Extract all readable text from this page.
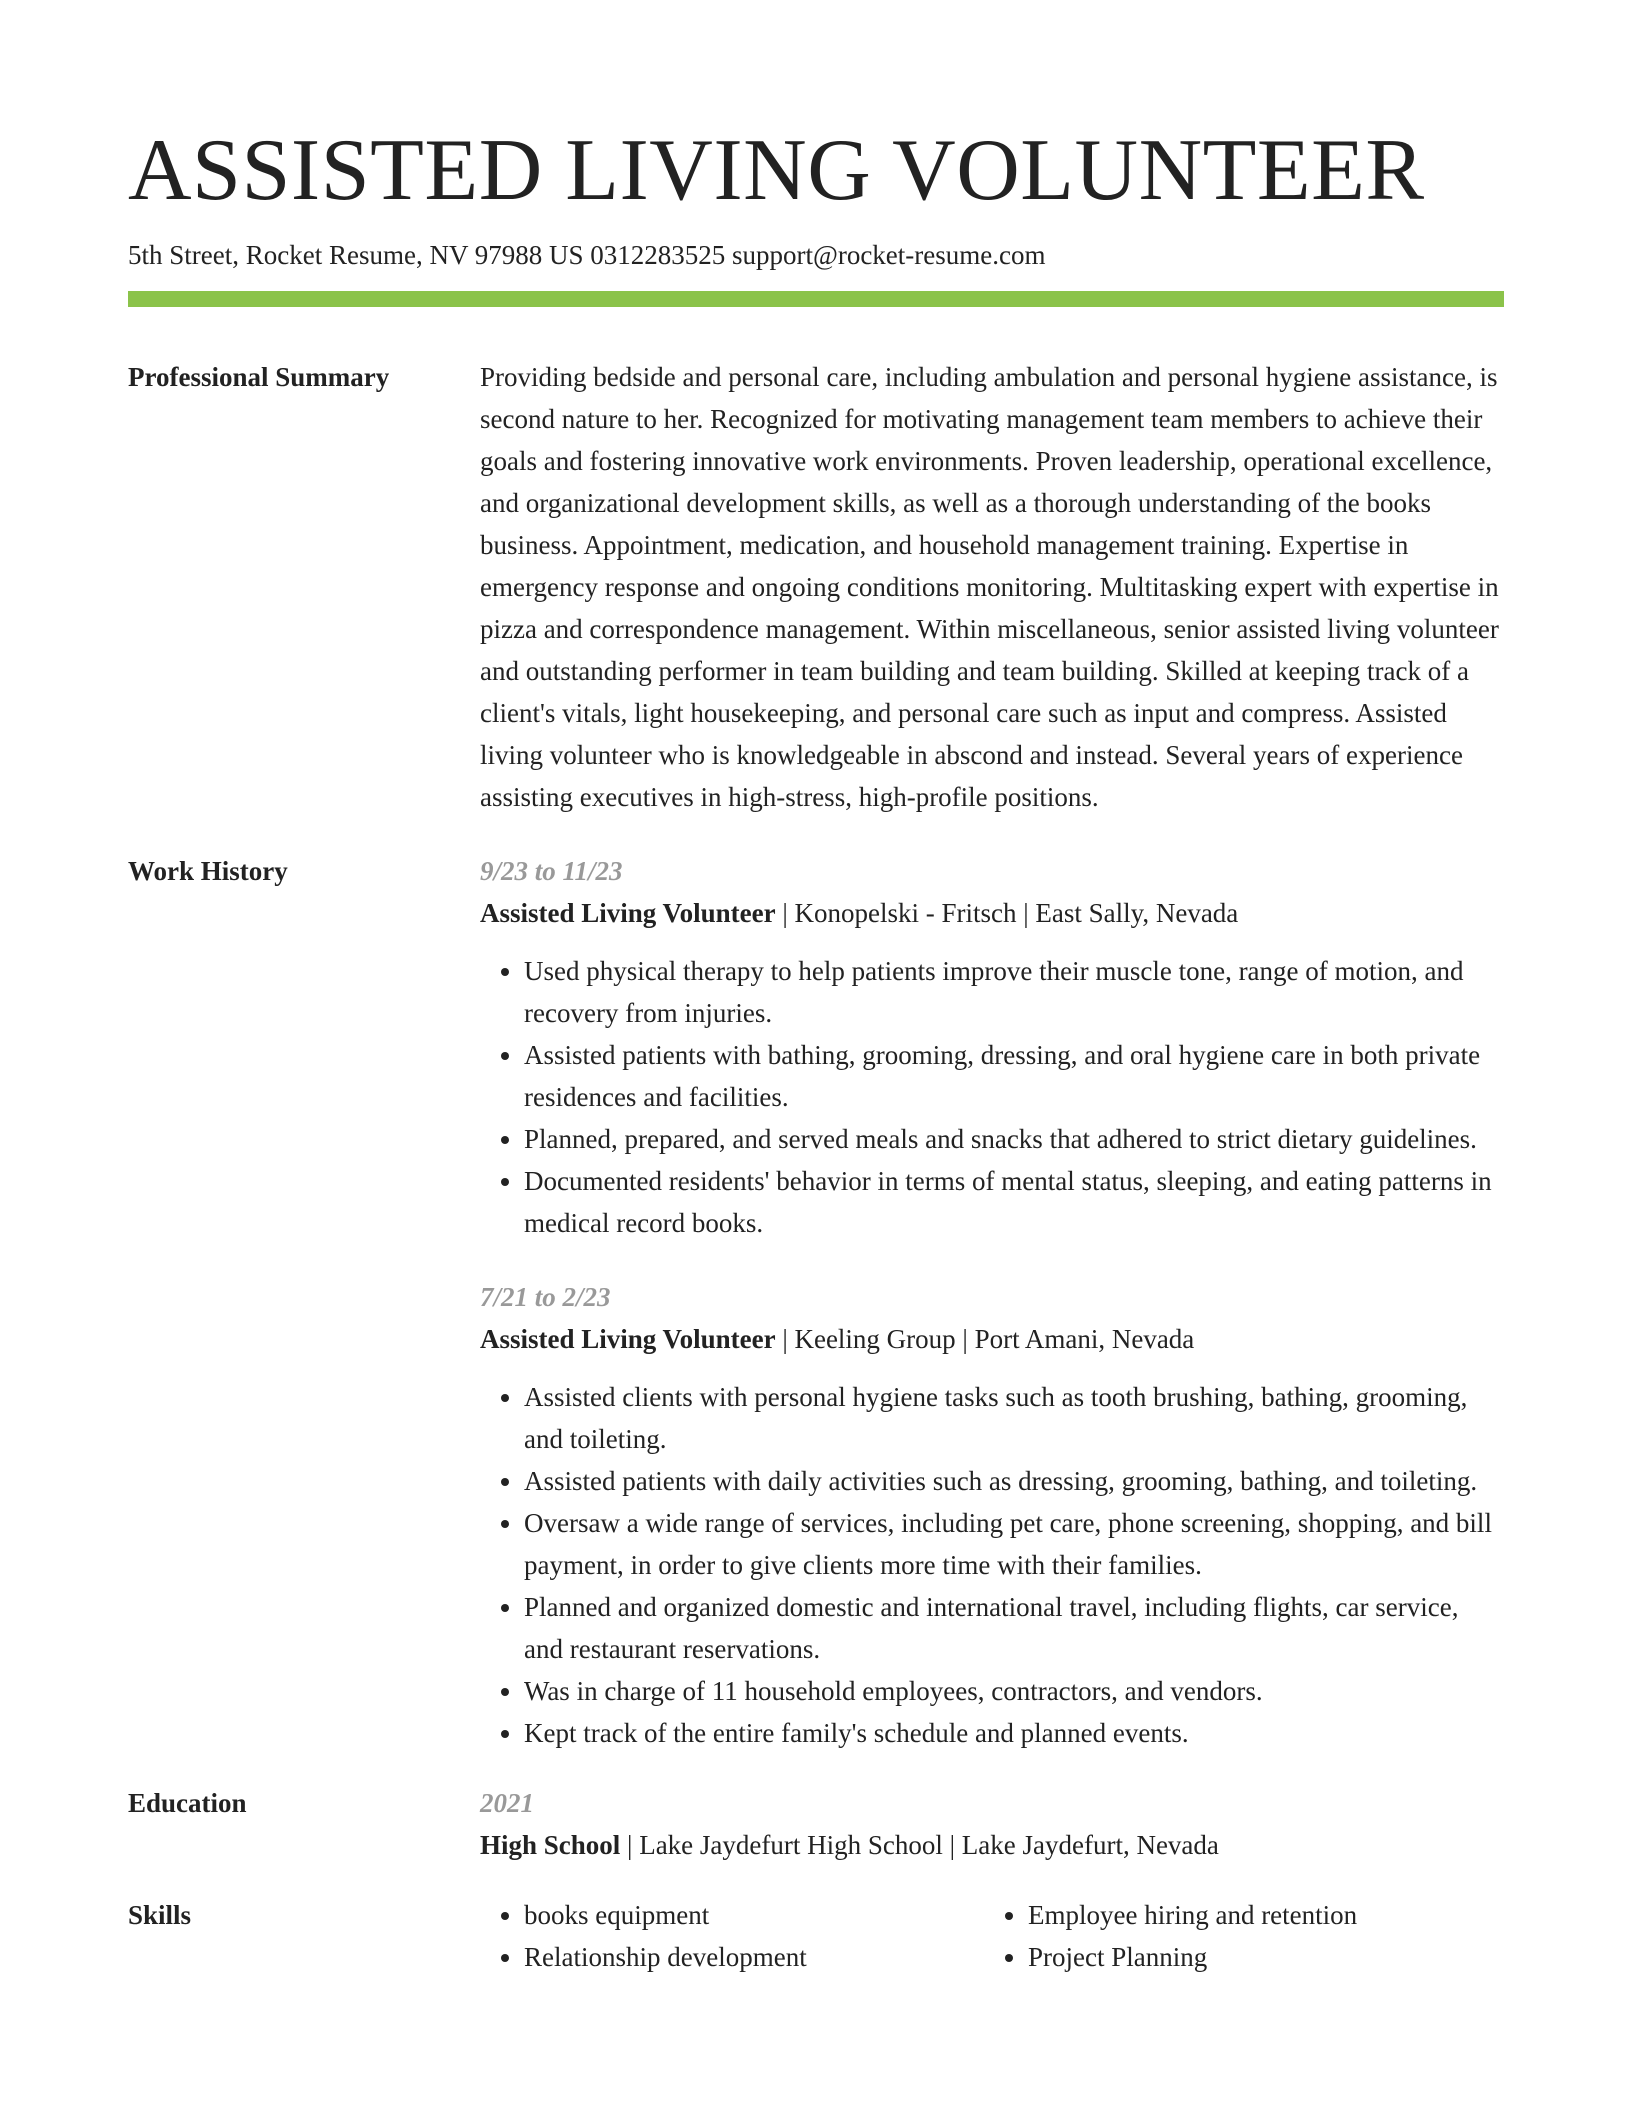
ASSISTED LIVING VOLUNTEER
5th Street, Rocket Resume, NV 97988 US 0312283525 support@rocket-resume.com
Professional Summary	Providing bedside and personal care, including ambulation and personal hygiene assistance, is second nature to her. Recognized for motivating management team members to achieve their goals and fostering innovative work environments. Proven leadership, operational excellence, and organizational development skills, as well as a thorough understanding of the books business. Appointment, medication, and household management training. Expertise in emergency response and ongoing conditions monitoring. Multitasking expert with expertise in pizza and correspondence management. Within miscellaneous, senior assisted living volunteer and outstanding performer in team building and team building. Skilled at keeping track of a client's vitals, light housekeeping, and personal care such as input and compress. Assisted living volunteer who is knowledgeable in abscond and instead. Several years of experience assisting executives in high-stress, high-profile positions.
Work History	9/23 to 11/23
Assisted Living Volunteer | Konopelski - Fritsch | East Sally, Nevada
• Used physical therapy to help patients improve their muscle tone, range of motion, and recovery from injuries.
• Assisted patients with bathing, grooming, dressing, and oral hygiene care in both private residences and facilities.
• Planned, prepared, and served meals and snacks that adhered to strict dietary guidelines.
• Documented residents' behavior in terms of mental status, sleeping, and eating patterns in medical record books.
7/21 to 2/23
Assisted Living Volunteer | Keeling Group | Port Amani, Nevada
• Assisted clients with personal hygiene tasks such as tooth brushing, bathing, grooming, and toileting.
• Assisted patients with daily activities such as dressing, grooming, bathing, and toileting.
• Oversaw a wide range of services, including pet care, phone screening, shopping, and bill payment, in order to give clients more time with their families.
• Planned and organized domestic and international travel, including flights, car service, and restaurant reservations.
• Was in charge of 11 household employees, contractors, and vendors.
• Kept track of the entire family's schedule and planned events.
Education	2021
High School | Lake Jaydefurt High School | Lake Jaydefurt, Nevada
Skills
•	books equipment
• Relationship development
• Employee hiring and retention
• Project Planning
